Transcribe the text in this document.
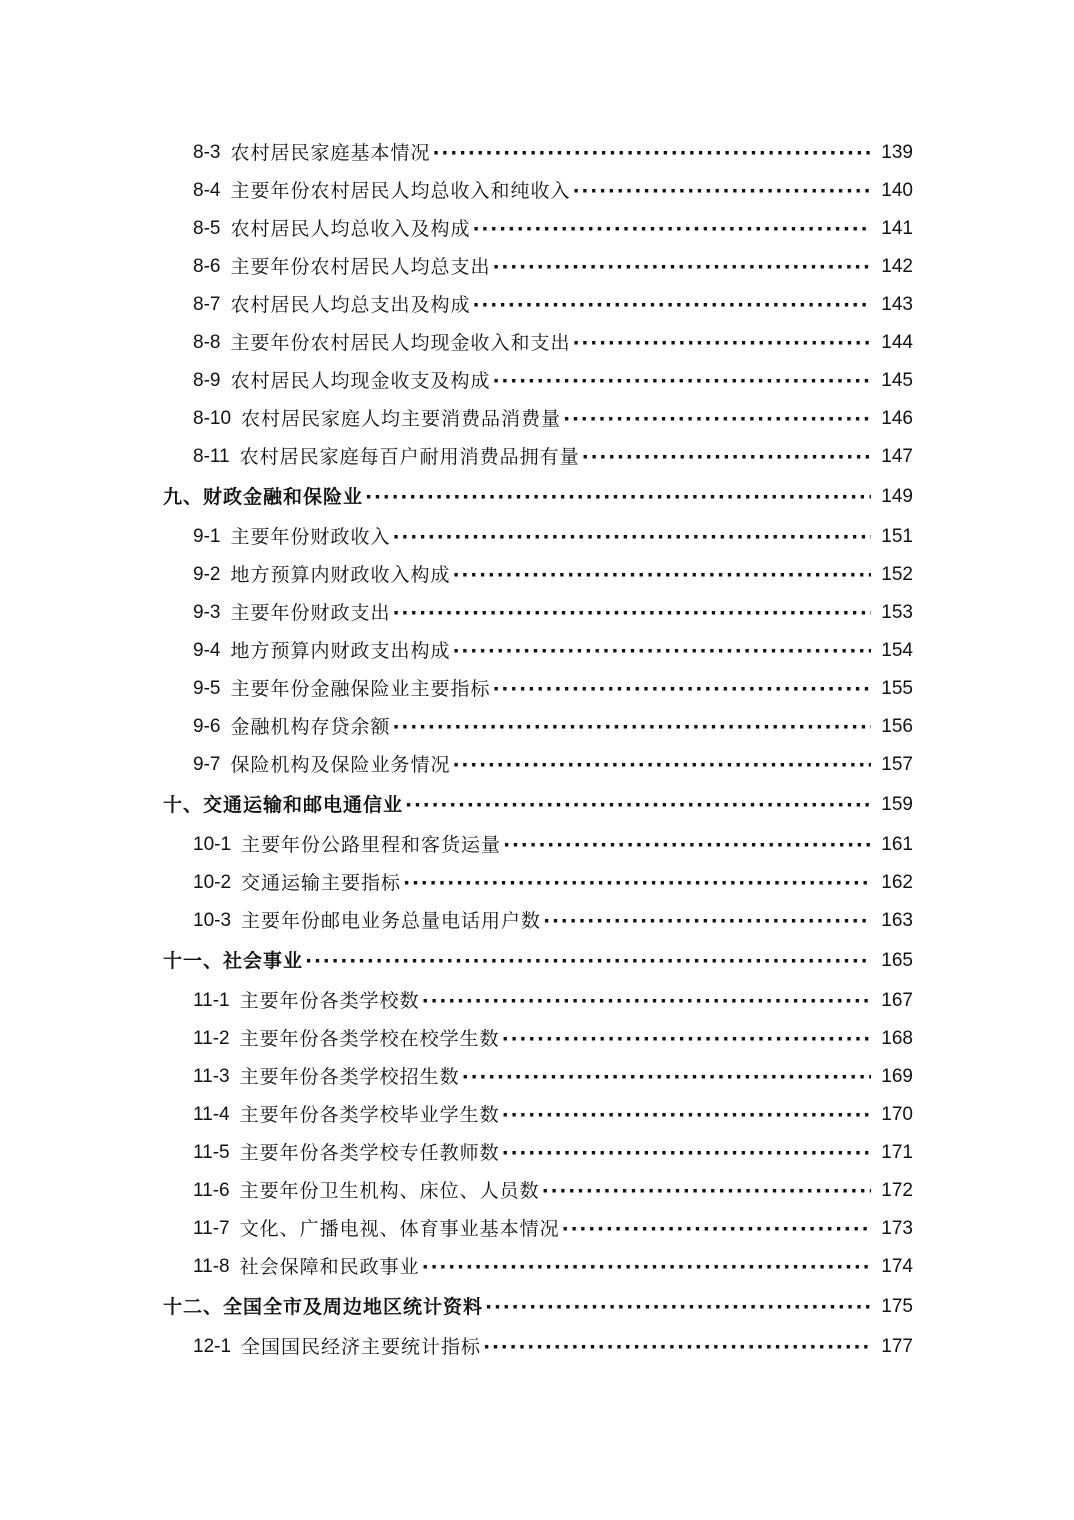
8-3 农村居民家庭基本情况 ·····	139
8-4 主要年份农村居民人均总收入和纯收入 ·····	140
8-5 农村居民人均总收入及构成 ·····	141
8-6 主要年份农村居民人均总支出 ·····	142
8-7 农村居民人均总支出及构成 ·····	143
8-8 主要年份农村居民人均现金收入和支出 ·····	144
8-9 农村居民人均现金收支及构成 ·····	145
8-10 农村居民家庭人均主要消费品消费量 ·····	146
8-11 农村居民家庭每百户耐用消费品拥有量 ·····	147
九、财政金融和保险业 ·····	149
9-1 主要年份财政收入 ·····	151
9-2 地方预算内财政收入构成 ·····	152
9-3 主要年份财政支出 ·····	153
9-4 地方预算内财政支出构成 ·····	154
9-5 主要年份金融保险业主要指标 ·····	155
9-6 金融机构存贷余额 ·····	156
9-7 保险机构及保险业务情况 ·····	157
十、交通运输和邮电通信业 ·····	159
10-1 主要年份公路里程和客货运量 ·····	161
10-2 交通运输主要指标 ·····	162
10-3 主要年份邮电业务总量电话用户数 ·····	163
十一、社会事业 ·····	165
11-1 主要年份各类学校数 ·····	167
11-2 主要年份各类学校在校学生数 ·····	168
11-3 主要年份各类学校招生数 ·····	169
11-4 主要年份各类学校毕业学生数 ·····	170
11-5 主要年份各类学校专任教师数 ·····	171
11-6 主要年份卫生机构、床位、人员数 ·····	172
11-7 文化、广播电视、体育事业基本情况 ·····	173
11-8 社会保障和民政事业 ·····	174
十二、全国全市及周边地区统计资料 ·····	175
12-1 全国国民经济主要统计指标 ·····	177
